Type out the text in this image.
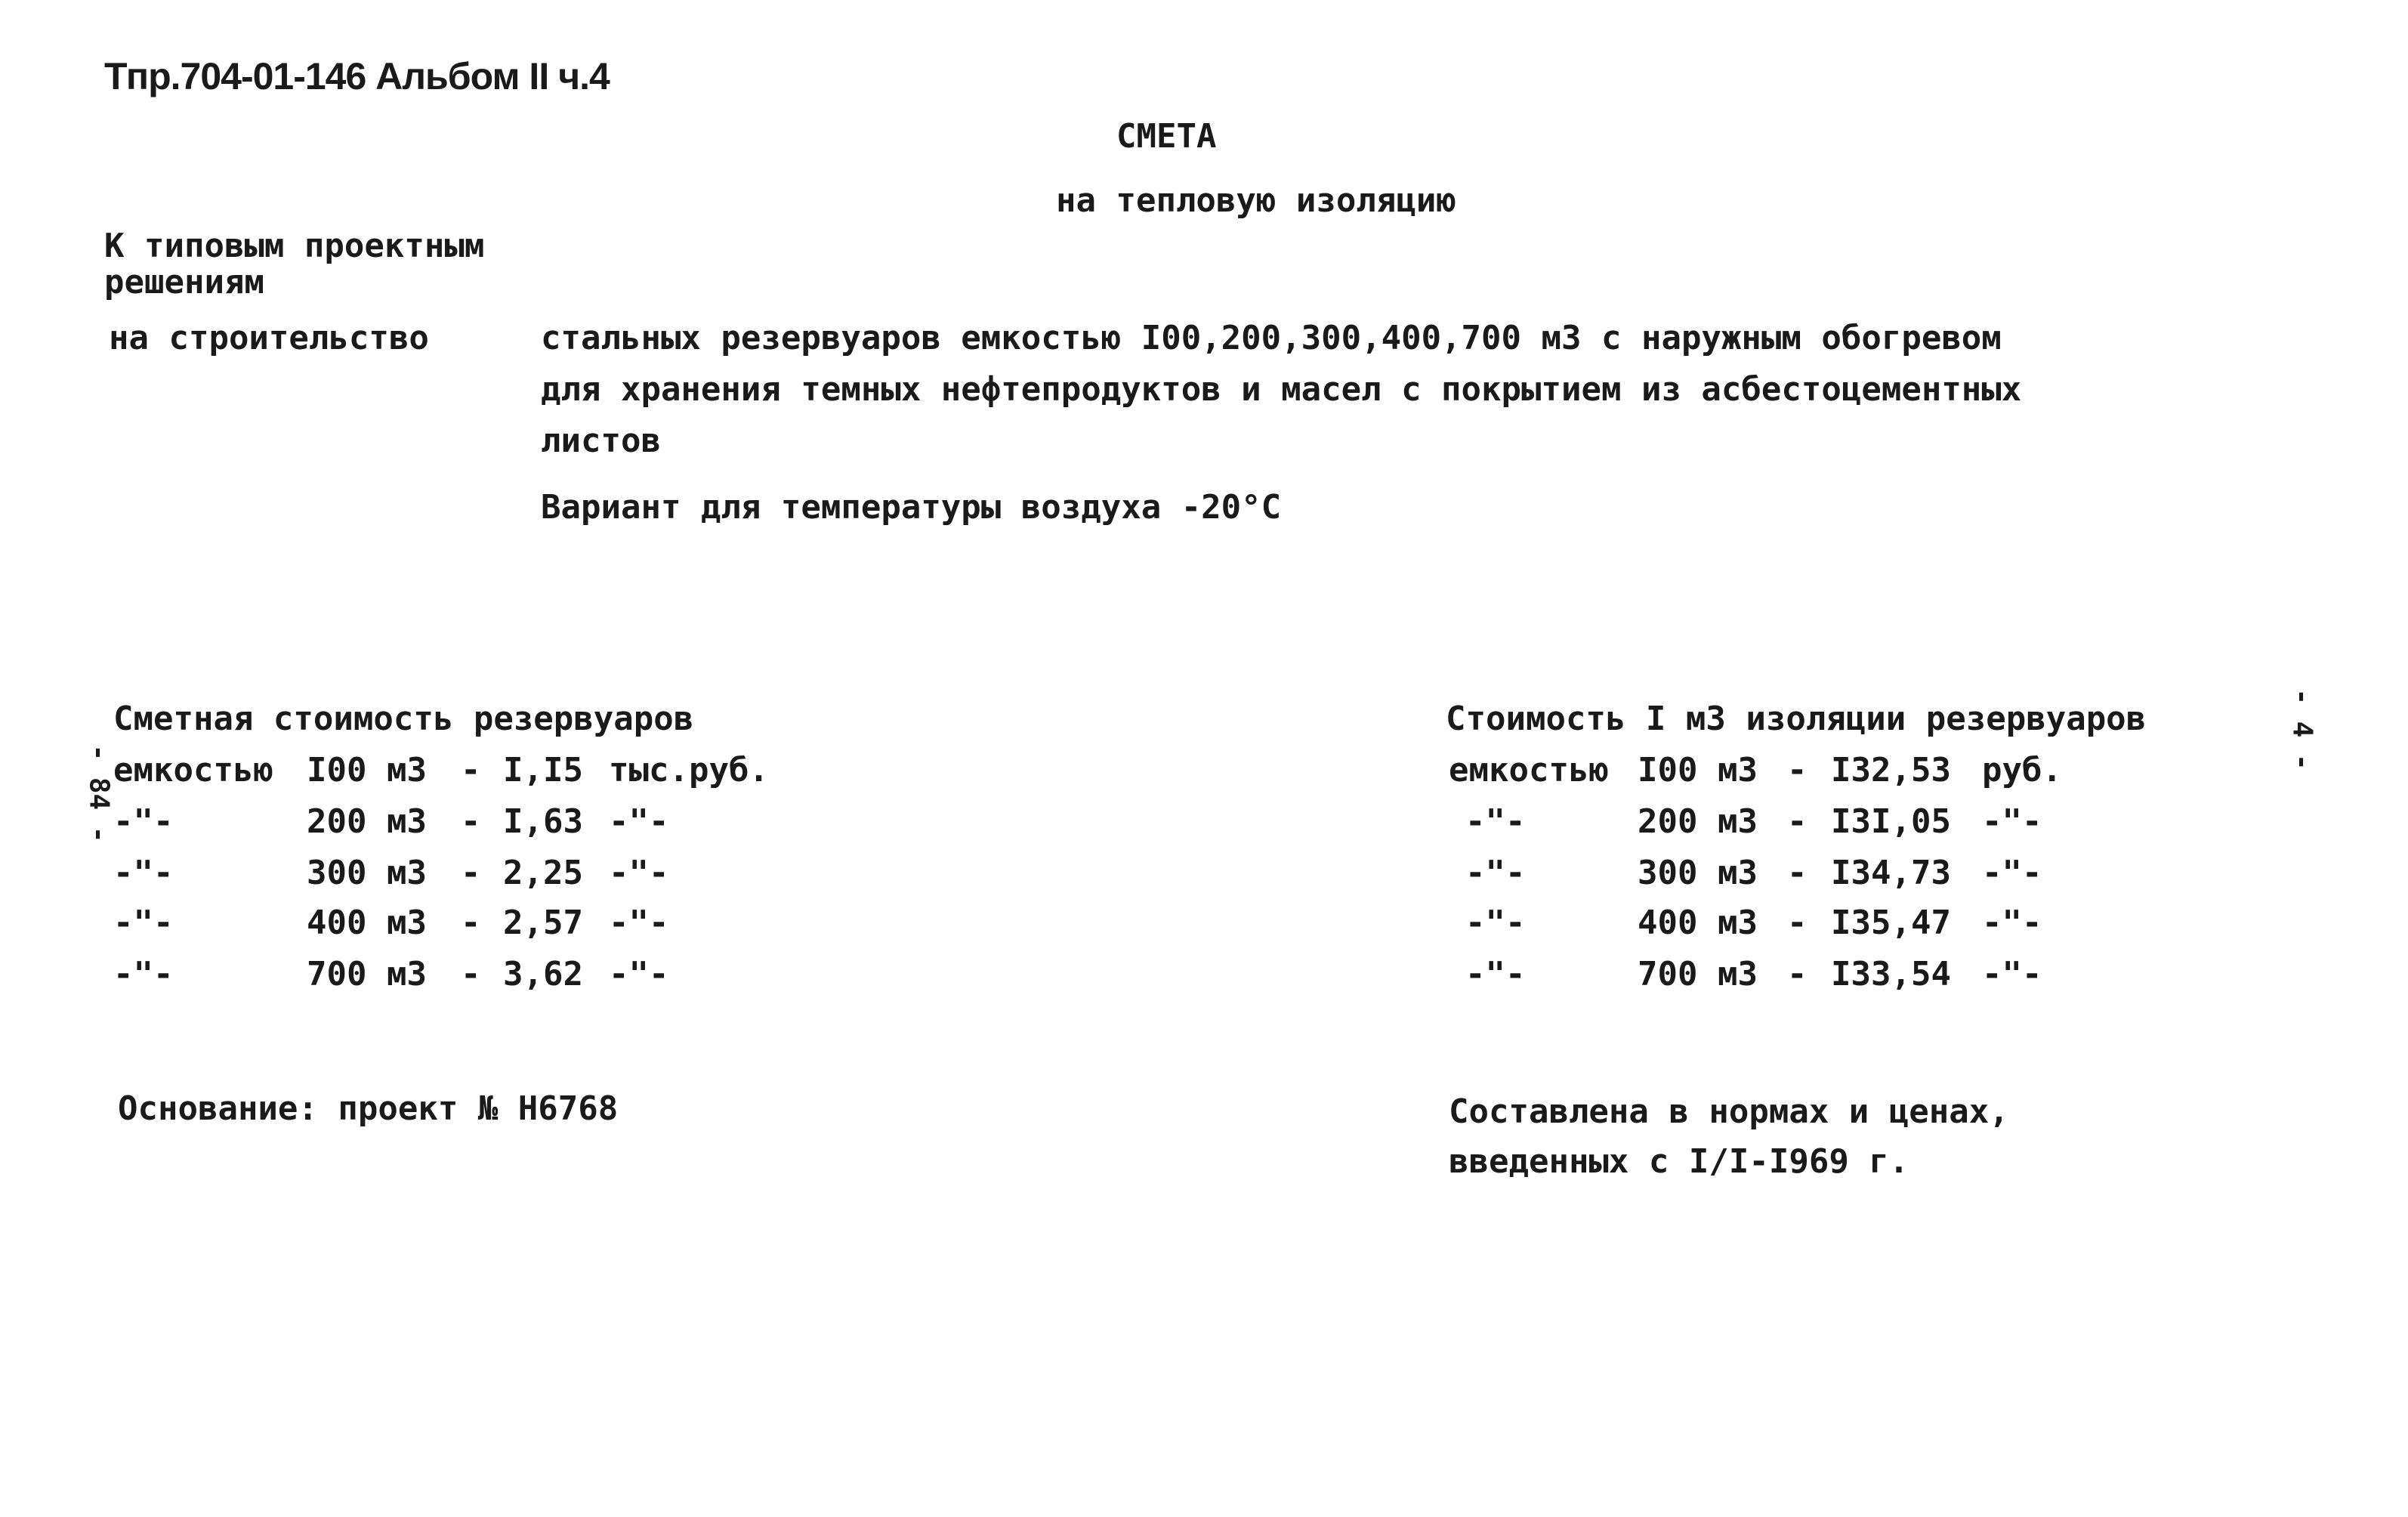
Тпр.704-01-146 Альбом II ч.4
СМЕТА
на тепловую изоляцию
К типовым проектным
решениям
на строительство	стальных резервуаров емкостью I00,200,300,400,700 м3 с наружным обогревом
для хранения темных нефтепродуктов и масел с покрытием из асбестоцементных
листов
Вариант для температуры воздуха -20°С
- 84 -
- 4 -
Сметная стоимость резервуаров
емкостью I00 м3 - I,I5 тыс.руб.
-"-	200 м3 - I,63 -"-
-"-	300 м3 - 2,25 -"-
-"-	400 м3 - 2,57 -"-
-"-	700 м3 - 3,62 -"-
Стоимость I м3 изоляции резервуаров
емкостью I00 м3 - I32,53 руб.
-"-	200 м3 - I3I,05 -"-
-"-	300 м3 - I34,73 -"-
-"-	400 м3 - I35,47 -"-
-"-	700 м3 - I33,54 -"-
Основание: проект № Н6768	Составлена в нормах и ценах,
введенных с I/I-I969 г.
